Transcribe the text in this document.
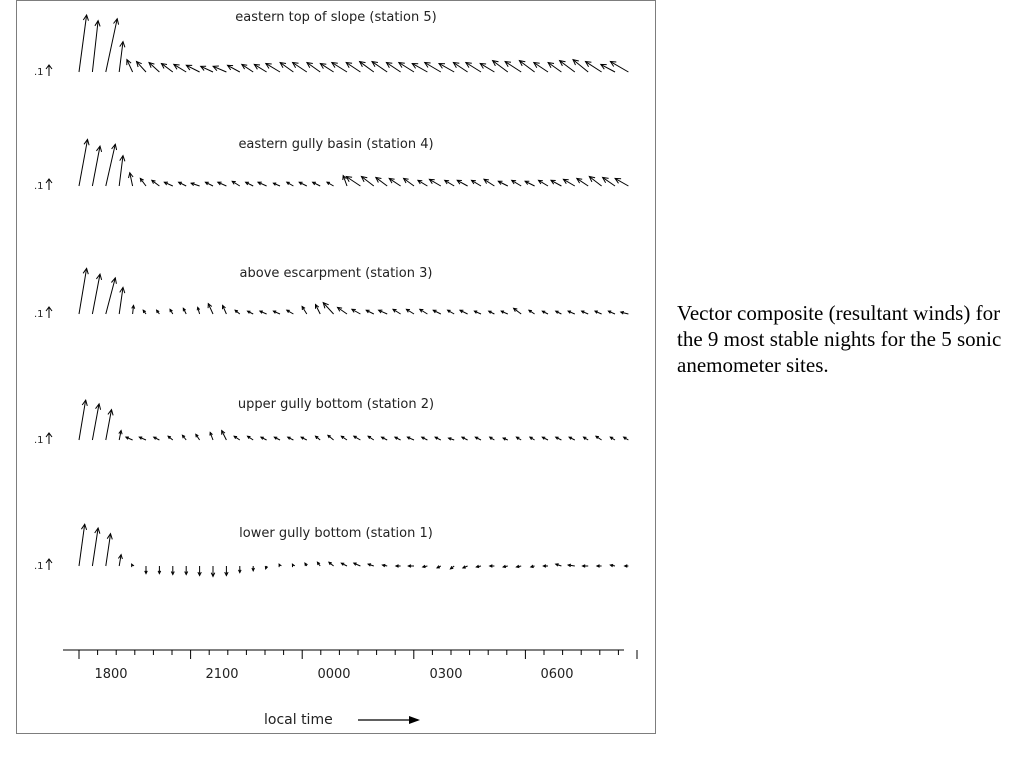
eastern top of slope (station 5)
.1
eastern gully basin (station 4)
.1
above escarpment (station 3)
.1
upper gully bottom (station 2)
.1
lower gully bottom (station 1)
.1
1800	2100	0000	0300	0600
local time
Vector composite (resultant winds) for the 9 most stable nights for the 5 sonic anemometer sites.
